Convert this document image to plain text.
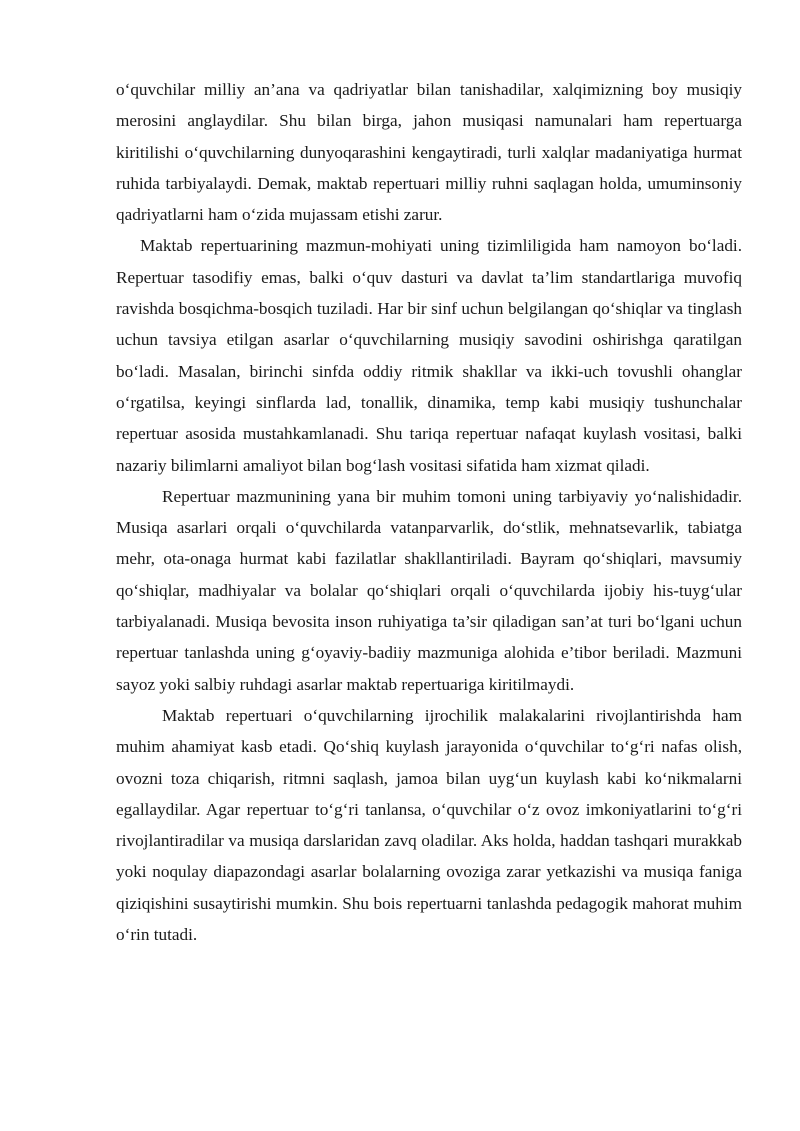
o‘quvchilar milliy an’ana va qadriyatlar bilan tanishadilar, xalqimizning boy musiqiy merosini anglaydilar. Shu bilan birga, jahon musiqasi namunalari ham repertuarga kiritilishi o‘quvchilarning dunyoqarashini kengaytiradi, turli xalqlar madaniyatiga hurmat ruhida tarbiyalaydi. Demak, maktab repertuari milliy ruhni saqlagan holda, umuminsoniy qadriyatlarni ham o‘zida mujassam etishi zarur.

Maktab repertuarining mazmun-mohiyati uning tizimliligida ham namoyon bo‘ladi. Repertuar tasodifiy emas, balki o‘quv dasturi va davlat ta’lim standartlariga muvofiq ravishda bosqichma-bosqich tuziladi. Har bir sinf uchun belgilangan qo‘shiqlar va tinglash uchun tavsiya etilgan asarlar o‘quvchilarning musiqiy savodini oshirishga qaratilgan bo‘ladi. Masalan, birinchi sinfda oddiy ritmik shakllar va ikki-uch tovushli ohanglar o‘rgatilsa, keyingi sinflarda lad, tonallik, dinamika, temp kabi musiqiy tushunchalar repertuar asosida mustahkamlanadi. Shu tariqa repertuar nafaqat kuylash vositasi, balki nazariy bilimlarni amaliyot bilan bog‘lash vositasi sifatida ham xizmat qiladi.

Repertuar mazmunining yana bir muhim tomoni uning tarbiyaviy yo‘nalishidadir. Musiqa asarlari orqali o‘quvchilarda vatanparvarlik, do‘stlik, mehnatsevarlik, tabiatga mehr, ota-onaga hurmat kabi fazilatlar shakllantiriladi. Bayram qo‘shiqlari, mavsumiy qo‘shiqlar, madhiyalar va bolalar qo‘shiqlari orqali o‘quvchilarda ijobiy his-tuyg‘ular tarbiyalanadi. Musiqa bevosita inson ruhiyatiga ta’sir qiladigan san’at turi bo‘lgani uchun repertuar tanlashda uning g‘oyaviy-badiiy mazmuniga alohida e’tibor beriladi. Mazmuni sayoz yoki salbiy ruhdagi asarlar maktab repertuariga kiritilmaydi.

Maktab repertuari o‘quvchilarning ijrochilik malakalarini rivojlantirishda ham muhim ahamiyat kasb etadi. Qo‘shiq kuylash jarayonida o‘quvchilar to‘g‘ri nafas olish, ovozni toza chiqarish, ritmni saqlash, jamoa bilan uyg‘un kuylash kabi ko‘nikmalarni egallaydilar. Agar repertuar to‘g‘ri tanlansa, o‘quvchilar o‘z ovoz imkoniyatlarini to‘g‘ri rivojlantiradilar va musiqa darslaridan zavq oladilar. Aks holda, haddan tashqari murakkab yoki noqulay diapazondagi asarlar bolalarning ovoziga zarar yetkazishi va musiqa faniga qiziqishini susaytirishi mumkin. Shu bois repertuarni tanlashda pedagogik mahorat muhim o‘rin tutadi.
